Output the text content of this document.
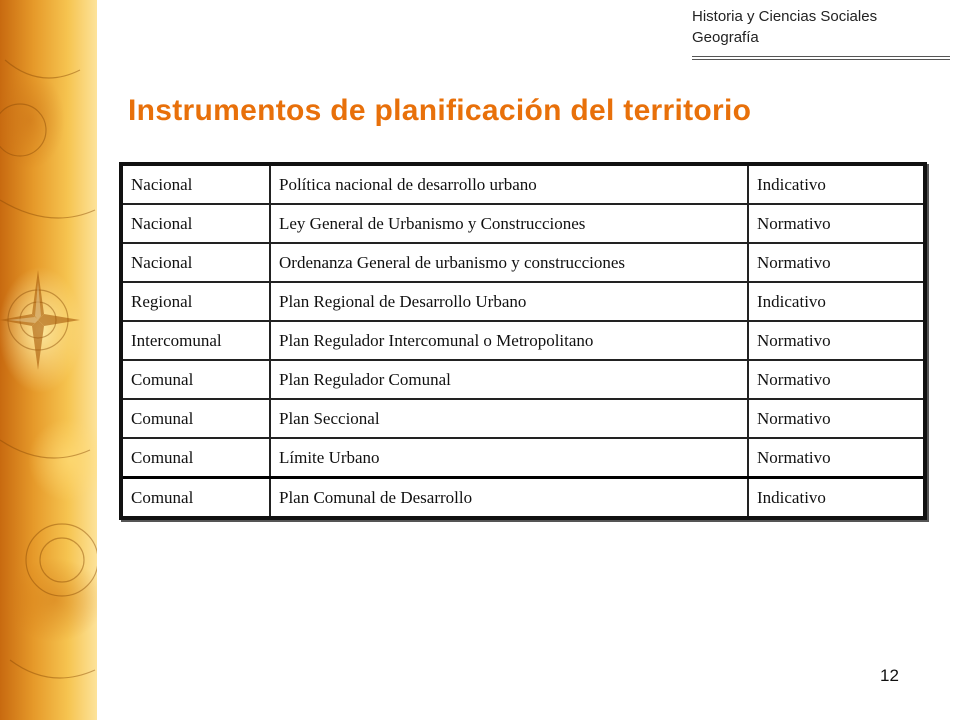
Historia y Ciencias Sociales
Geografía
Instrumentos de planificación del territorio
Nacional	Política nacional de desarrollo urbano	Indicativo
Nacional	Ley General de Urbanismo y Construcciones	Normativo
Nacional	Ordenanza General de urbanismo y construcciones	Normativo
Regional	Plan Regional de Desarrollo Urbano	Indicativo
Intercomunal	Plan Regulador Intercomunal o Metropolitano	Normativo
Comunal	Plan Regulador Comunal	Normativo
Comunal	Plan Seccional	Normativo
Comunal	Límite Urbano	Normativo
Comunal	Plan Comunal de Desarrollo	Indicativo
12
